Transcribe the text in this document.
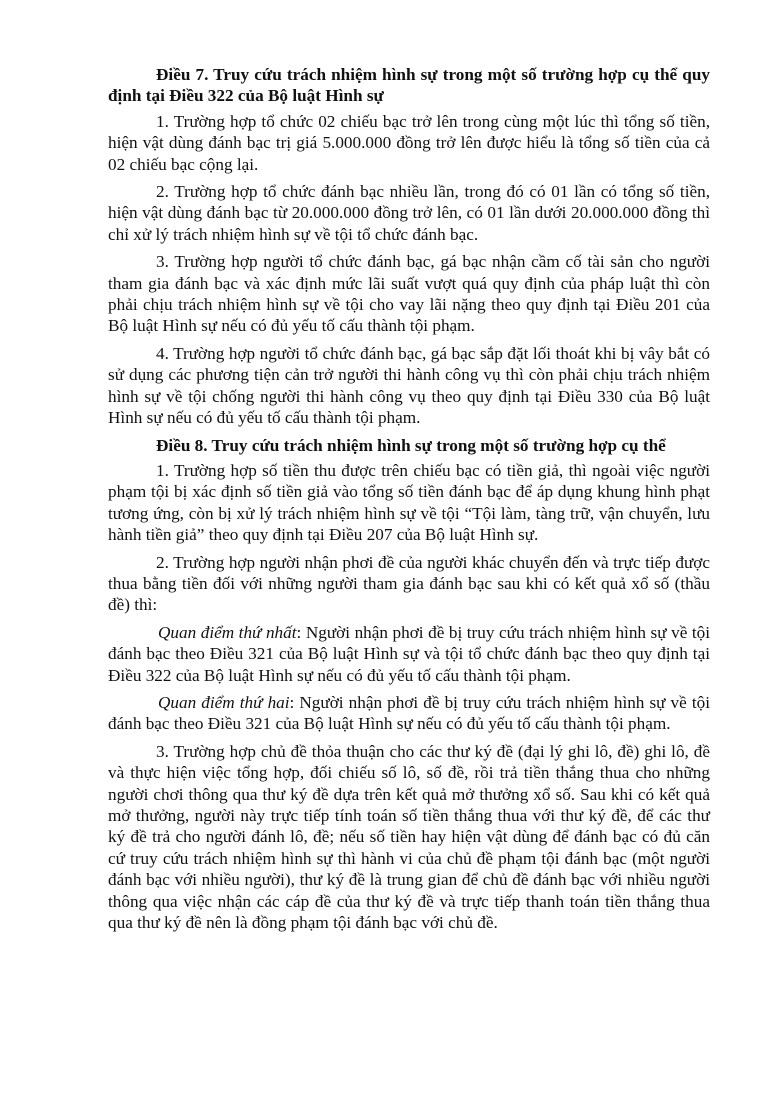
Điều 7. Truy cứu trách nhiệm hình sự trong một số trường hợp cụ thể quy định tại Điều 322 của Bộ luật Hình sự

1. Trường hợp tổ chức 02 chiếu bạc trở lên trong cùng một lúc thì tổng số tiền, hiện vật dùng đánh bạc trị giá 5.000.000 đồng trở lên được hiểu là tổng số tiền của cả 02 chiếu bạc cộng lại.

2. Trường hợp tổ chức đánh bạc nhiều lần, trong đó có 01 lần có tổng số tiền, hiện vật dùng đánh bạc từ 20.000.000 đồng trở lên, có 01 lần dưới 20.000.000 đồng thì chỉ xử lý trách nhiệm hình sự về tội tổ chức đánh bạc.

3. Trường hợp người tổ chức đánh bạc, gá bạc nhận cầm cố tài sản cho người tham gia đánh bạc và xác định mức lãi suất vượt quá quy định của pháp luật thì còn phải chịu trách nhiệm hình sự về tội cho vay lãi nặng theo quy định tại Điều 201 của Bộ luật Hình sự nếu có đủ yếu tố cấu thành tội phạm.

4. Trường hợp người tổ chức đánh bạc, gá bạc sắp đặt lối thoát khi bị vây bắt có sử dụng các phương tiện cản trở người thi hành công vụ thì còn phải chịu trách nhiệm hình sự về tội chống người thi hành công vụ theo quy định tại Điều 330 của Bộ luật Hình sự nếu có đủ yếu tố cấu thành tội phạm.

Điều 8. Truy cứu trách nhiệm hình sự trong một số trường hợp cụ thể

1. Trường hợp số tiền thu được trên chiếu bạc có tiền giả, thì ngoài việc người phạm tội bị xác định số tiền giả vào tổng số tiền đánh bạc để áp dụng khung hình phạt tương ứng, còn bị xử lý trách nhiệm hình sự về tội “Tội làm, tàng trữ, vận chuyển, lưu hành tiền giả” theo quy định tại Điều 207 của Bộ luật Hình sự.

2. Trường hợp người nhận phơi đề của người khác chuyển đến và trực tiếp được thua bằng tiền đối với những người tham gia đánh bạc sau khi có kết quả xổ số (thầu đề) thì:

Quan điểm thứ nhất: Người nhận phơi đề bị truy cứu trách nhiệm hình sự về tội đánh bạc theo Điều 321 của Bộ luật Hình sự và tội tổ chức đánh bạc theo quy định tại Điều 322 của Bộ luật Hình sự nếu có đủ yếu tố cấu thành tội phạm.

Quan điểm thứ hai: Người nhận phơi đề bị truy cứu trách nhiệm hình sự về tội đánh bạc theo Điều 321 của Bộ luật Hình sự nếu có đủ yếu tố cấu thành tội phạm.

3. Trường hợp chủ đề thỏa thuận cho các thư ký đề (đại lý ghi lô, đề) ghi lô, đề và thực hiện việc tổng hợp, đối chiếu số lô, số đề, rồi trả tiền thắng thua cho những người chơi thông qua thư ký đề dựa trên kết quả mở thưởng xổ số. Sau khi có kết quả mở thưởng, người này trực tiếp tính toán số tiền thắng thua với thư ký đề, để các thư ký đề trả cho người đánh lô, đề; nếu số tiền hay hiện vật dùng để đánh bạc có đủ căn cứ truy cứu trách nhiệm hình sự thì hành vi của chủ đề phạm tội đánh bạc (một người đánh bạc với nhiều người), thư ký đề là trung gian để chủ đề đánh bạc với nhiều người thông qua việc nhận các cáp đề của thư ký đề và trực tiếp thanh toán tiền thắng thua qua thư ký đề nên là đồng phạm tội đánh bạc với chủ đề.
